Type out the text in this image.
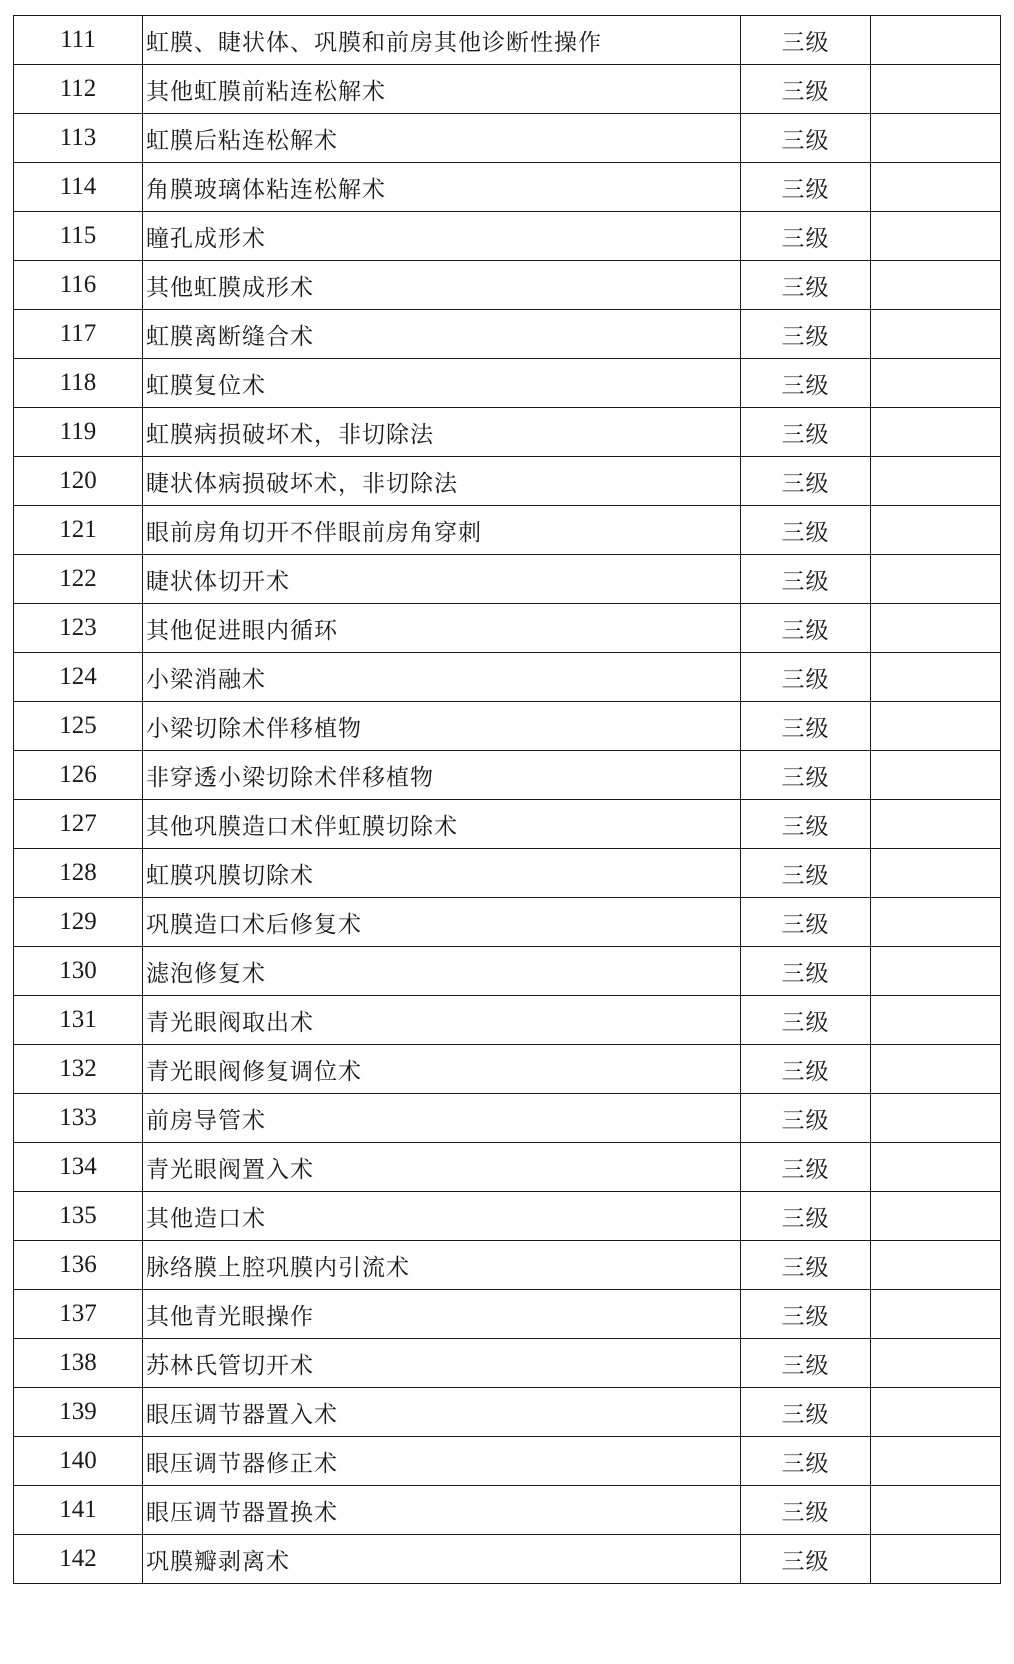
111	虹膜、睫状体、巩膜和前房其他诊断性操作	三级	
112	其他虹膜前粘连松解术	三级	
113	虹膜后粘连松解术	三级	
114	角膜玻璃体粘连松解术	三级	
115	瞳孔成形术	三级	
116	其他虹膜成形术	三级	
117	虹膜离断缝合术	三级	
118	虹膜复位术	三级	
119	虹膜病损破坏术，非切除法	三级	
120	睫状体病损破坏术，非切除法	三级	
121	眼前房角切开不伴眼前房角穿刺	三级	
122	睫状体切开术	三级	
123	其他促进眼内循环	三级	
124	小梁消融术	三级	
125	小梁切除术伴移植物	三级	
126	非穿透小梁切除术伴移植物	三级	
127	其他巩膜造口术伴虹膜切除术	三级	
128	虹膜巩膜切除术	三级	
129	巩膜造口术后修复术	三级	
130	滤泡修复术	三级	
131	青光眼阀取出术	三级	
132	青光眼阀修复调位术	三级	
133	前房导管术	三级	
134	青光眼阀置入术	三级	
135	其他造口术	三级	
136	脉络膜上腔巩膜内引流术	三级	
137	其他青光眼操作	三级	
138	苏林氏管切开术	三级	
139	眼压调节器置入术	三级	
140	眼压调节器修正术	三级	
141	眼压调节器置换术	三级	
142	巩膜瓣剥离术	三级	
